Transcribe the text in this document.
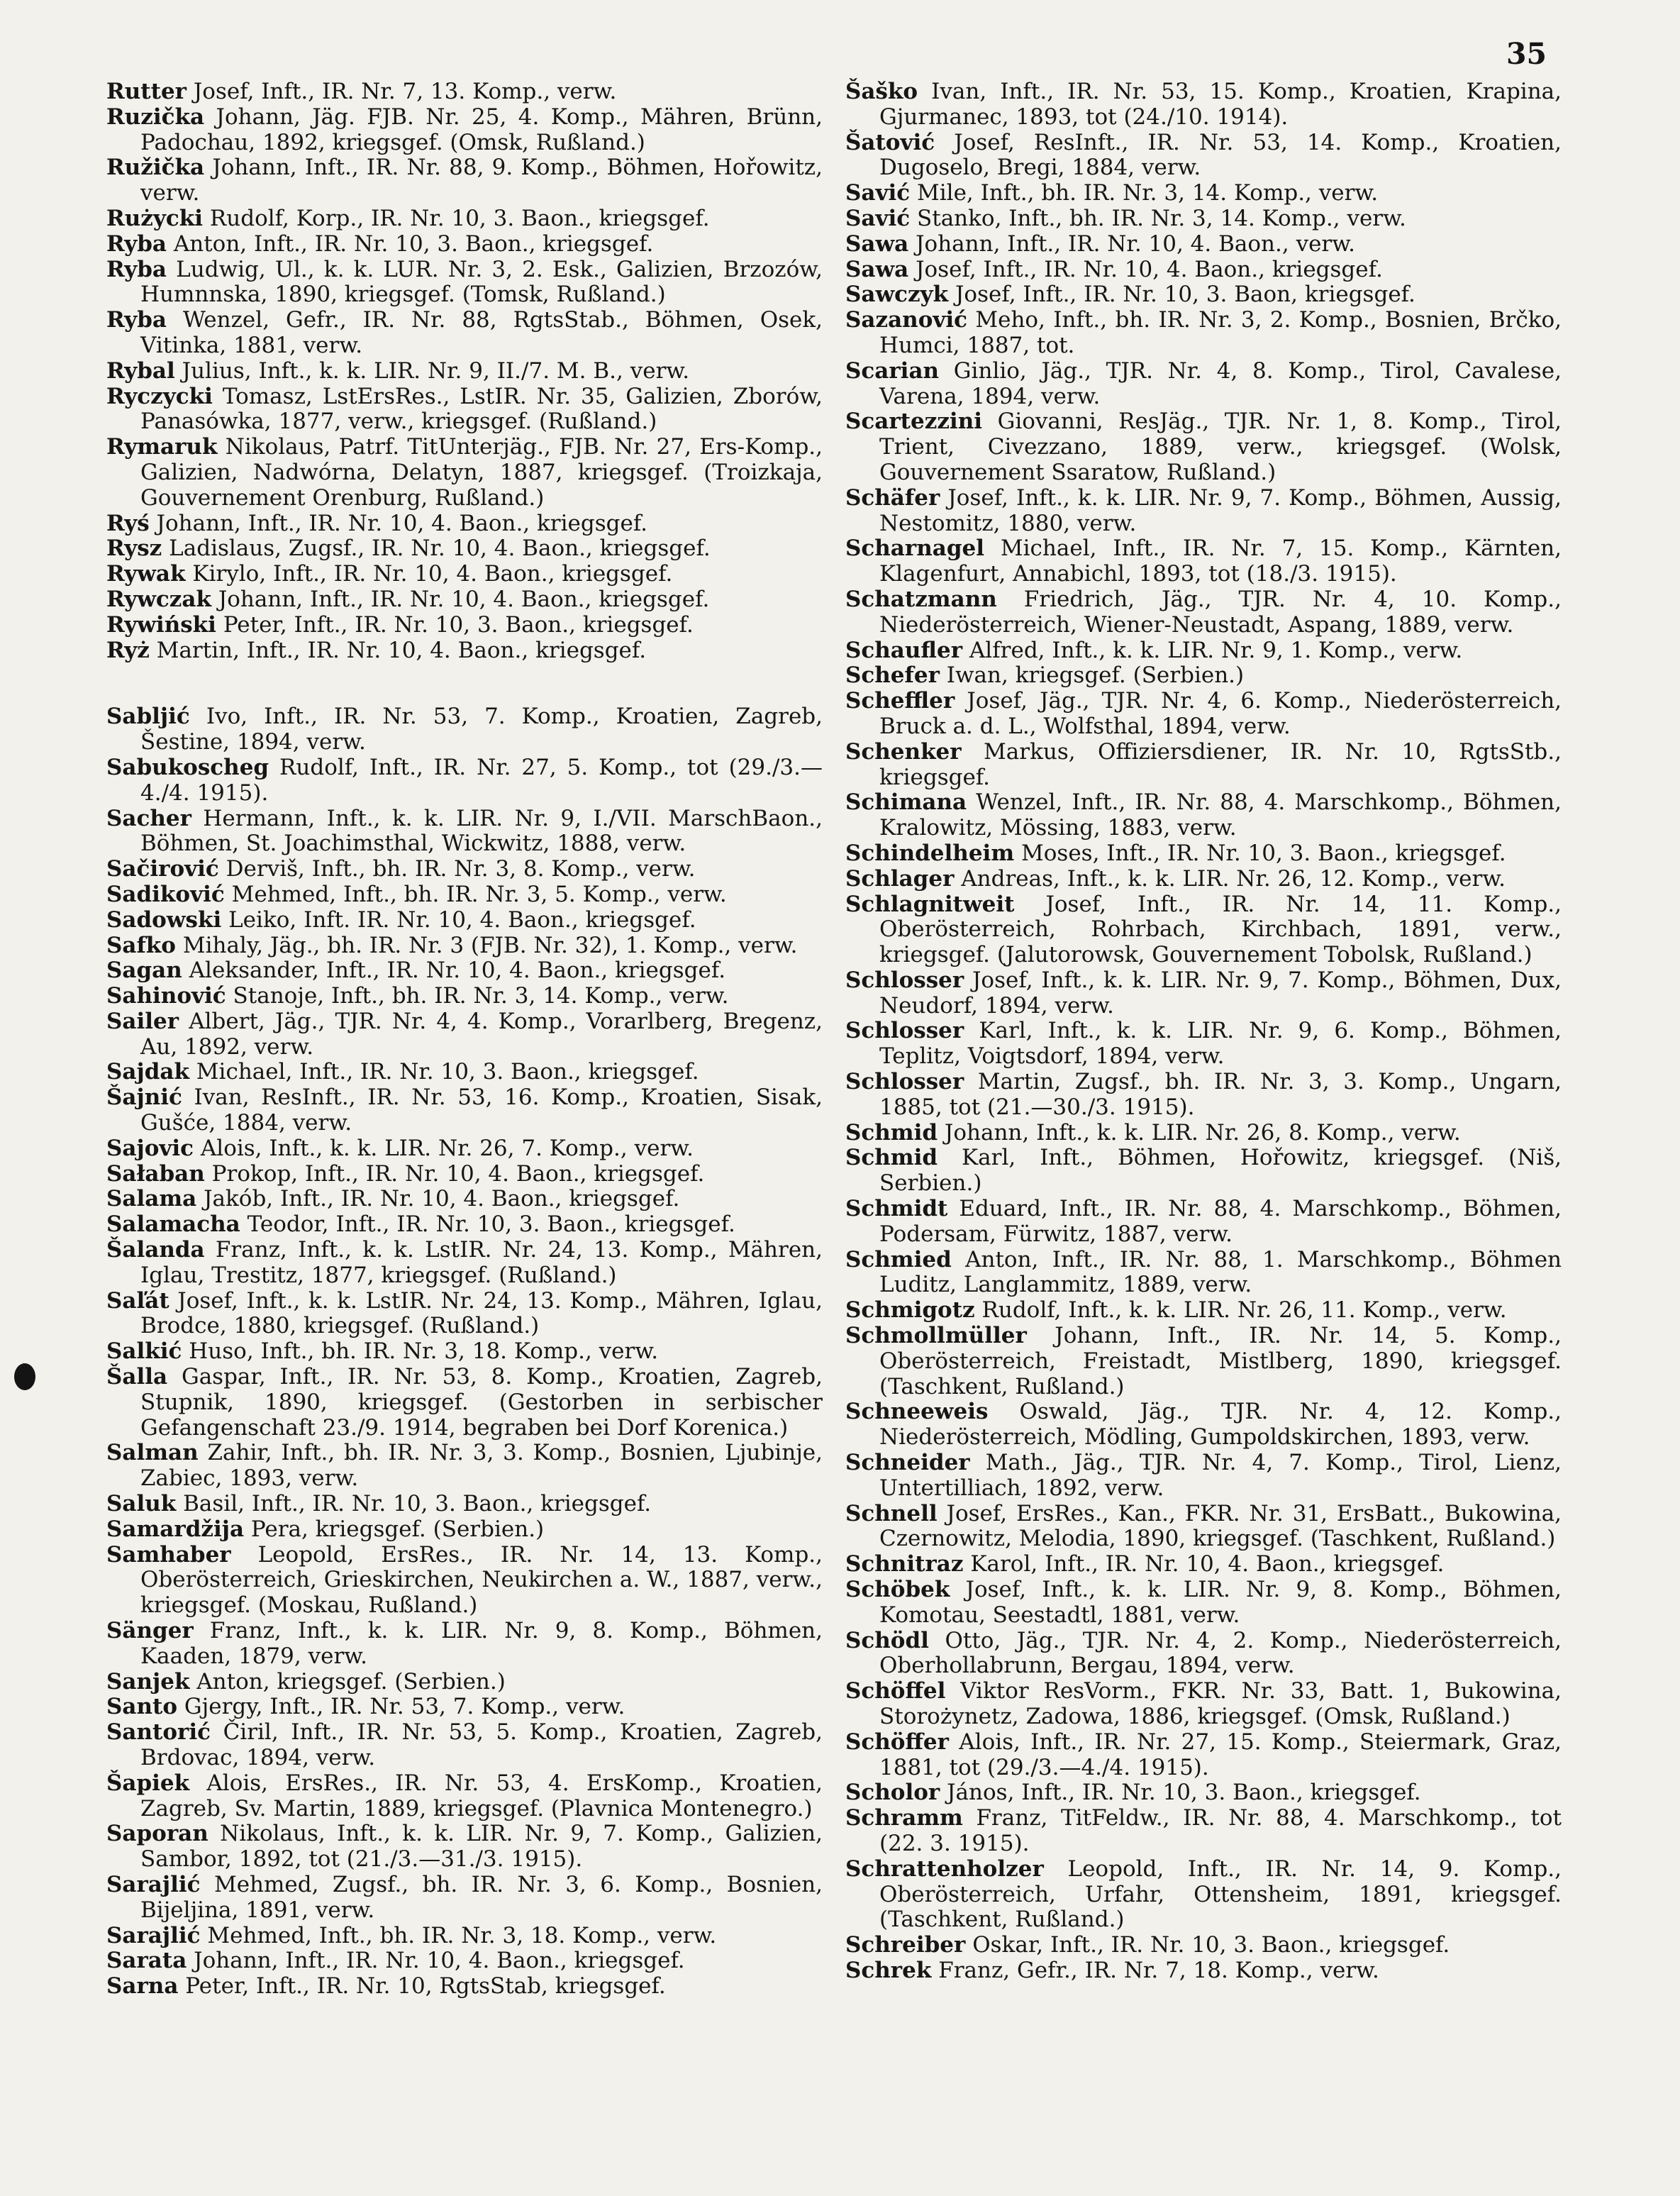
35

Rutter Josef, Inft., IR. Nr. 7, 13. Komp., verw.

Ruzička Johann, Jäg. FJB. Nr. 25, 4. Komp., Mähren, Brünn, Padochau, 1892, kriegsgef. (Omsk, Rußland.)

Ružička Johann, Inft., IR. Nr. 88, 9. Komp., Böhmen, Hořowitz, verw.

Rużycki Rudolf, Korp., IR. Nr. 10, 3. Baon., kriegsgef.

Ryba Anton, Inft., IR. Nr. 10, 3. Baon., kriegsgef.

Ryba Ludwig, Ul., k. k. LUR. Nr. 3, 2. Esk., Galizien, Brzozów, Humnnska, 1890, kriegsgef. (Tomsk, Rußland.)

Ryba Wenzel, Gefr., IR. Nr. 88, RgtsStab., Böhmen, Osek, Vitinka, 1881, verw.

Rybal Julius, Inft., k. k. LIR. Nr. 9, II./7. M. B., verw.

Ryczycki Tomasz, LstErsRes., LstIR. Nr. 35, Galizien, Zborów, Panasówka, 1877, verw., kriegsgef. (Rußland.)

Rymaruk Nikolaus, Patrf. TitUnterjäg., FJB. Nr. 27, Ers-Komp., Galizien, Nadwórna, Delatyn, 1887, kriegsgef. (Troizkaja, Gouvernement Orenburg, Rußland.)

Ryś Johann, Inft., IR. Nr. 10, 4. Baon., kriegsgef.

Rysz Ladislaus, Zugsf., IR. Nr. 10, 4. Baon., kriegsgef.

Rywak Kirylo, Inft., IR. Nr. 10, 4. Baon., kriegsgef.

Rywczak Johann, Inft., IR. Nr. 10, 4. Baon., kriegsgef.

Rywiński Peter, Inft., IR. Nr. 10, 3. Baon., kriegsgef.

Ryż Martin, Inft., IR. Nr. 10, 4. Baon., kriegsgef.

Sabljić Ivo, Inft., IR. Nr. 53, 7. Komp., Kroatien, Zagreb, Šestine, 1894, verw.

Sabukoscheg Rudolf, Inft., IR. Nr. 27, 5. Komp., tot (29./3.—4./4. 1915).

Sacher Hermann, Inft., k. k. LIR. Nr. 9, I./VII. MarschBaon., Böhmen, St. Joachimsthal, Wickwitz, 1888, verw.

Sačirović Derviš, Inft., bh. IR. Nr. 3, 8. Komp., verw.

Sadiković Mehmed, Inft., bh. IR. Nr. 3, 5. Komp., verw.

Sadowski Leiko, Inft. IR. Nr. 10, 4. Baon., kriegsgef.

Safko Mihaly, Jäg., bh. IR. Nr. 3 (FJB. Nr. 32), 1. Komp., verw.

Sagan Aleksander, Inft., IR. Nr. 10, 4. Baon., kriegsgef.

Sahinović Stanoje, Inft., bh. IR. Nr. 3, 14. Komp., verw.

Sailer Albert, Jäg., TJR. Nr. 4, 4. Komp., Vorarlberg, Bregenz, Au, 1892, verw.

Sajdak Michael, Inft., IR. Nr. 10, 3. Baon., kriegsgef.

Šajnić Ivan, ResInft., IR. Nr. 53, 16. Komp., Kroatien, Sisak, Gušće, 1884, verw.

Sajovic Alois, Inft., k. k. LIR. Nr. 26, 7. Komp., verw.

Sałaban Prokop, Inft., IR. Nr. 10, 4. Baon., kriegsgef.

Salama Jakób, Inft., IR. Nr. 10, 4. Baon., kriegsgef.

Salamacha Teodor, Inft., IR. Nr. 10, 3. Baon., kriegsgef.

Šalanda Franz, Inft., k. k. LstIR. Nr. 24, 13. Komp., Mähren, Iglau, Trestitz, 1877, kriegsgef. (Rußland.)

Saľát Josef, Inft., k. k. LstIR. Nr. 24, 13. Komp., Mähren, Iglau, Brodce, 1880, kriegsgef. (Rußland.)

Salkić Huso, Inft., bh. IR. Nr. 3, 18. Komp., verw.

Šalla Gaspar, Inft., IR. Nr. 53, 8. Komp., Kroatien, Zagreb, Stupnik, 1890, kriegsgef. (Gestorben in serbischer Gefangenschaft 23./9. 1914, begraben bei Dorf Korenica.)

Salman Zahir, Inft., bh. IR. Nr. 3, 3. Komp., Bosnien, Ljubinje, Zabiec, 1893, verw.

Saluk Basil, Inft., IR. Nr. 10, 3. Baon., kriegsgef.

Samardžija Pera, kriegsgef. (Serbien.)

Samhaber Leopold, ErsRes., IR. Nr. 14, 13. Komp., Oberösterreich, Grieskirchen, Neukirchen a. W., 1887, verw., kriegsgef. (Moskau, Rußland.)

Sänger Franz, Inft., k. k. LIR. Nr. 9, 8. Komp., Böhmen, Kaaden, 1879, verw.

Sanjek Anton, kriegsgef. (Serbien.)

Santo Gjergy, Inft., IR. Nr. 53, 7. Komp., verw.

Santorić Čiril, Inft., IR. Nr. 53, 5. Komp., Kroatien, Zagreb, Brdovac, 1894, verw.

Šapiek Alois, ErsRes., IR. Nr. 53, 4. ErsKomp., Kroatien, Zagreb, Sv. Martin, 1889, kriegsgef. (Plavnica Montenegro.)

Saporan Nikolaus, Inft., k. k. LIR. Nr. 9, 7. Komp., Galizien, Sambor, 1892, tot (21./3.—31./3. 1915).

Sarajlić Mehmed, Zugsf., bh. IR. Nr. 3, 6. Komp., Bosnien, Bijeljina, 1891, verw.

Sarajlić Mehmed, Inft., bh. IR. Nr. 3, 18. Komp., verw.

Sarata Johann, Inft., IR. Nr. 10, 4. Baon., kriegsgef.

Sarna Peter, Inft., IR. Nr. 10, RgtsStab, kriegsgef.

Šaško Ivan, Inft., IR. Nr. 53, 15. Komp., Kroatien, Krapina, Gjurmanec, 1893, tot (24./10. 1914).

Šatović Josef, ResInft., IR. Nr. 53, 14. Komp., Kroatien, Dugoselo, Bregi, 1884, verw.

Savić Mile, Inft., bh. IR. Nr. 3, 14. Komp., verw.

Savić Stanko, Inft., bh. IR. Nr. 3, 14. Komp., verw.

Sawa Johann, Inft., IR. Nr. 10, 4. Baon., verw.

Sawa Josef, Inft., IR. Nr. 10, 4. Baon., kriegsgef.

Sawczyk Josef, Inft., IR. Nr. 10, 3. Baon, kriegsgef.

Sazanović Meho, Inft., bh. IR. Nr. 3, 2. Komp., Bosnien, Brčko, Humci, 1887, tot.

Scarian Ginlio, Jäg., TJR. Nr. 4, 8. Komp., Tirol, Cavalese, Varena, 1894, verw.

Scartezzini Giovanni, ResJäg., TJR. Nr. 1, 8. Komp., Tirol, Trient, Civezzano, 1889, verw., kriegsgef. (Wolsk, Gouvernement Ssaratow, Rußland.)

Schäfer Josef, Inft., k. k. LIR. Nr. 9, 7. Komp., Böhmen, Aussig, Nestomitz, 1880, verw.

Scharnagel Michael, Inft., IR. Nr. 7, 15. Komp., Kärnten, Klagenfurt, Annabichl, 1893, tot (18./3. 1915).

Schatzmann Friedrich, Jäg., TJR. Nr. 4, 10. Komp., Niederösterreich, Wiener-Neustadt, Aspang, 1889, verw.

Schaufler Alfred, Inft., k. k. LIR. Nr. 9, 1. Komp., verw.

Schefer Iwan, kriegsgef. (Serbien.)

Scheffler Josef, Jäg., TJR. Nr. 4, 6. Komp., Niederösterreich, Bruck a. d. L., Wolfsthal, 1894, verw.

Schenker Markus, Offiziersdiener, IR. Nr. 10, RgtsStb., kriegsgef.

Schimana Wenzel, Inft., IR. Nr. 88, 4. Marschkomp., Böhmen, Kralowitz, Mössing, 1883, verw.

Schindelheim Moses, Inft., IR. Nr. 10, 3. Baon., kriegsgef.

Schlager Andreas, Inft., k. k. LIR. Nr. 26, 12. Komp., verw.

Schlagnitweit Josef, Inft., IR. Nr. 14, 11. Komp., Oberösterreich, Rohrbach, Kirchbach, 1891, verw., kriegsgef. (Jalutorowsk, Gouvernement Tobolsk, Rußland.)

Schlosser Josef, Inft., k. k. LIR. Nr. 9, 7. Komp., Böhmen, Dux, Neudorf, 1894, verw.

Schlosser Karl, Inft., k. k. LIR. Nr. 9, 6. Komp., Böhmen, Teplitz, Voigtsdorf, 1894, verw.

Schlosser Martin, Zugsf., bh. IR. Nr. 3, 3. Komp., Ungarn, 1885, tot (21.—30./3. 1915).

Schmid Johann, Inft., k. k. LIR. Nr. 26, 8. Komp., verw.

Schmid Karl, Inft., Böhmen, Hořowitz, kriegsgef. (Niš, Serbien.)

Schmidt Eduard, Inft., IR. Nr. 88, 4. Marschkomp., Böhmen, Podersam, Fürwitz, 1887, verw.

Schmied Anton, Inft., IR. Nr. 88, 1. Marschkomp., Böhmen Luditz, Langlammitz, 1889, verw.

Schmigotz Rudolf, Inft., k. k. LIR. Nr. 26, 11. Komp., verw.

Schmollmüller Johann, Inft., IR. Nr. 14, 5. Komp., Oberösterreich, Freistadt, Mistlberg, 1890, kriegsgef. (Taschkent, Rußland.)

Schneeweis Oswald, Jäg., TJR. Nr. 4, 12. Komp., Niederösterreich, Mödling, Gumpoldskirchen, 1893, verw.

Schneider Math., Jäg., TJR. Nr. 4, 7. Komp., Tirol, Lienz, Untertilliach, 1892, verw.

Schnell Josef, ErsRes., Kan., FKR. Nr. 31, ErsBatt., Bukowina, Czernowitz, Melodia, 1890, kriegsgef. (Taschkent, Rußland.)

Schnitraz Karol, Inft., IR. Nr. 10, 4. Baon., kriegsgef.

Schöbek Josef, Inft., k. k. LIR. Nr. 9, 8. Komp., Böhmen, Komotau, Seestadtl, 1881, verw.

Schödl Otto, Jäg., TJR. Nr. 4, 2. Komp., Niederösterreich, Oberhollabrunn, Bergau, 1894, verw.

Schöffel Viktor ResVorm., FKR. Nr. 33, Batt. 1, Bukowina, Storożynetz, Zadowa, 1886, kriegsgef. (Omsk, Rußland.)

Schöffer Alois, Inft., IR. Nr. 27, 15. Komp., Steiermark, Graz, 1881, tot (29./3.—4./4. 1915).

Scholor János, Inft., IR. Nr. 10, 3. Baon., kriegsgef.

Schramm Franz, TitFeldw., IR. Nr. 88, 4. Marschkomp., tot (22. 3. 1915).

Schrattenholzer Leopold, Inft., IR. Nr. 14, 9. Komp., Oberösterreich, Urfahr, Ottensheim, 1891, kriegsgef. (Taschkent, Rußland.)

Schreiber Oskar, Inft., IR. Nr. 10, 3. Baon., kriegsgef.

Schrek Franz, Gefr., IR. Nr. 7, 18. Komp., verw.
